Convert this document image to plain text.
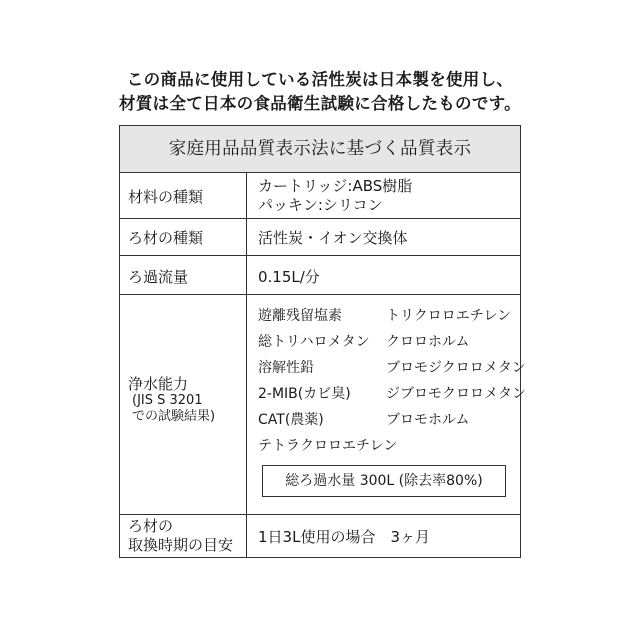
この商品に使用している活性炭は日本製を使用し、
材質は全て日本の食品衛生試験に合格したものです。
家庭用品品質表示法に基づく品質表示
材料の種類
カートリッジ:ABS樹脂
パッキン:シリコン
ろ材の種類	活性炭・イオン交換体
ろ過流量	0.15L/分
浄水能力
(JIS S 3201
での試験結果)
遊離残留塩素
総トリハロメタン
溶解性鉛
2-MIB(カビ臭)
CAT(農薬)
テトラクロロエチレン
トリクロロエチレン
クロロホルム
ブロモジクロロメタン
ジブロモクロロメタン
ブロモホルム
総ろ過水量 300L (除去率80%)
ろ材の
取換時期の目安 1日3L使用の場合　3ヶ月
